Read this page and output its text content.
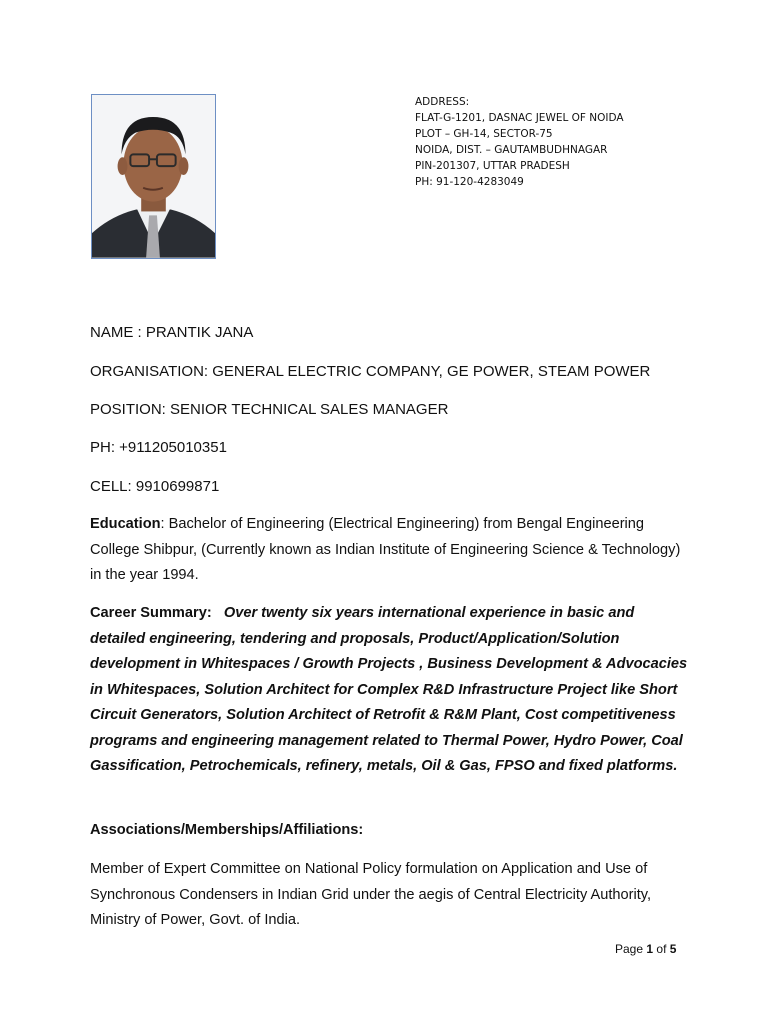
ADDRESS:
FLAT-G-1201, DASNAC JEWEL OF NOIDA
PLOT – GH-14, SECTOR-75
NOIDA, DIST. – GAUTAMBUDHNAGAR
PIN-201307, UTTAR PRADESH
PH: 91-120-4283049
NAME : PRANTIK JANA
ORGANISATION: GENERAL ELECTRIC COMPANY, GE POWER, STEAM POWER
POSITION: SENIOR TECHNICAL SALES MANAGER
PH: +911205010351
CELL: 9910699871
Education: Bachelor of Engineering (Electrical Engineering) from Bengal Engineering College Shibpur, (Currently known as Indian Institute of Engineering Science & Technology) in the year 1994.
Career Summary: Over twenty six years international experience in basic and detailed engineering, tendering and proposals, Product/Application/Solution development in Whitespaces / Growth Projects , Business Development & Advocacies in Whitespaces, Solution Architect for Complex R&D Infrastructure Project like Short Circuit Generators, Solution Architect of Retrofit & R&M Plant, Cost competitiveness programs and engineering management related to Thermal Power, Hydro Power, Coal Gassification, Petrochemicals, refinery, metals, Oil & Gas, FPSO and fixed platforms.
Associations/Memberships/Affiliations:
Member of Expert Committee on National Policy formulation on Application and Use of Synchronous Condensers in Indian Grid under the aegis of Central Electricity Authority, Ministry of Power, Govt. of India.
Page 1 of 5
